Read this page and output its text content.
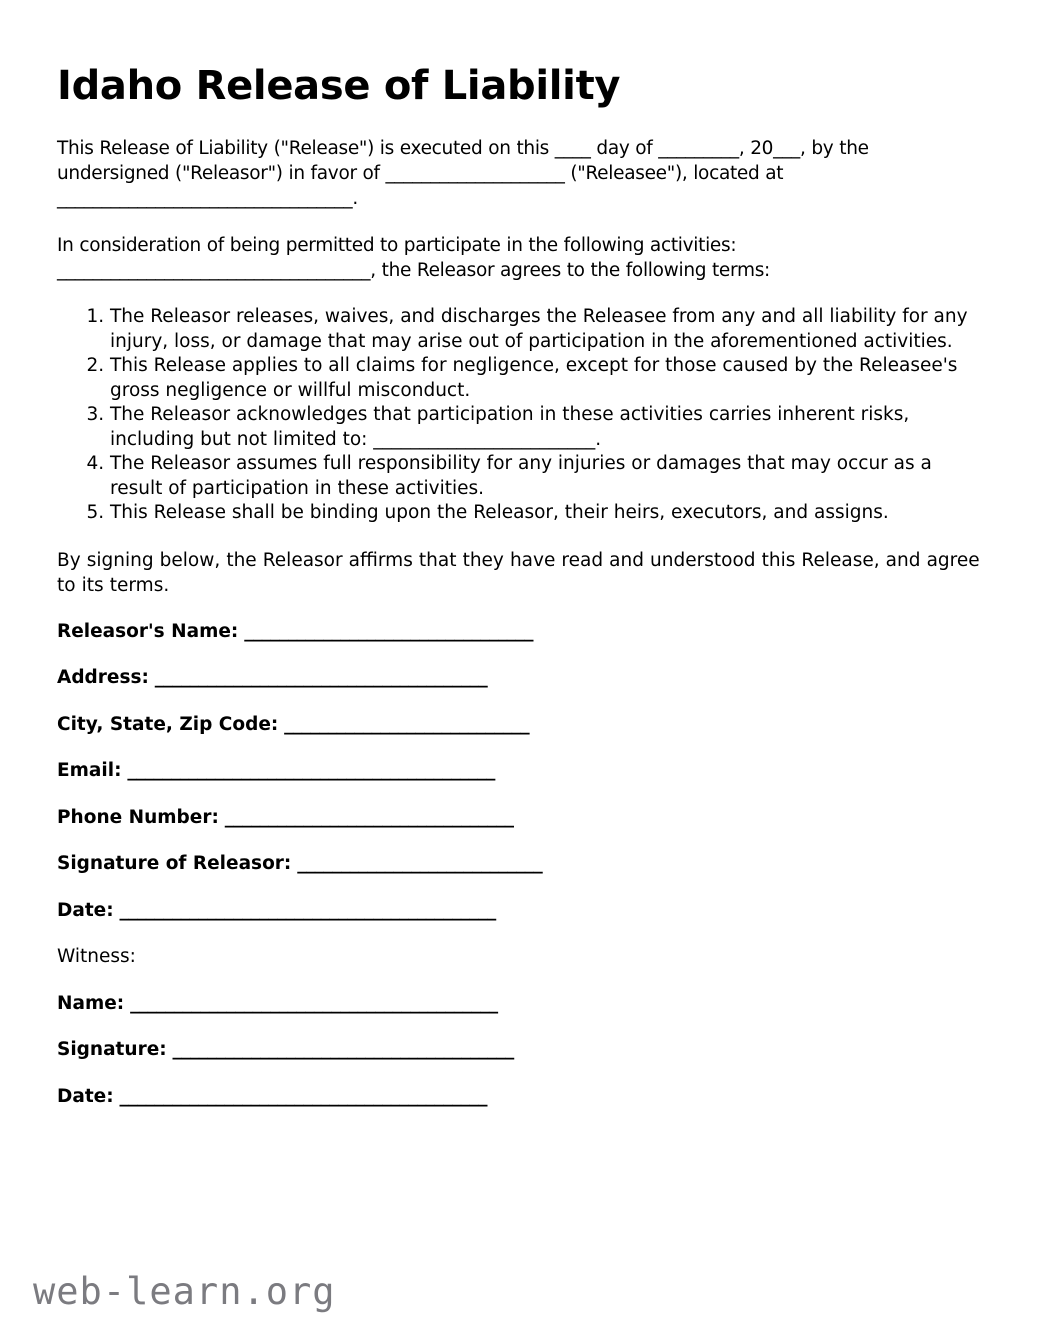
Idaho Release of Liability

This Release of Liability ("Release") is executed on this ____ day of _________, 20___, by the undersigned ("Releasor") in favor of ____________________ ("Releasee"), located at _________________________________.

In consideration of being permitted to participate in the following activities: ___________________________________, the Releasor agrees to the following terms:

1. The Releasor releases, waives, and discharges the Releasee from any and all liability for any injury, loss, or damage that may arise out of participation in the aforementioned activities.
2. This Release applies to all claims for negligence, except for those caused by the Releasee's gross negligence or willful misconduct.
3. The Releasor acknowledges that participation in these activities carries inherent risks, including but not limited to: ________________________.
4. The Releasor assumes full responsibility for any injuries or damages that may occur as a result of participation in these activities.
5. This Release shall be binding upon the Releasor, their heirs, executors, and assigns.

By signing below, the Releasor affirms that they have read and understood this Release, and agree to its terms.

Releasor's Name: _________________________________
Address: ______________________________________
City, State, Zip Code: ____________________________
Email: __________________________________________
Phone Number: _________________________________
Signature of Releasor: ____________________________
Date: ___________________________________________
Witness:
Name: __________________________________________
Signature: _______________________________________
Date: __________________________________________
web-learn.org
